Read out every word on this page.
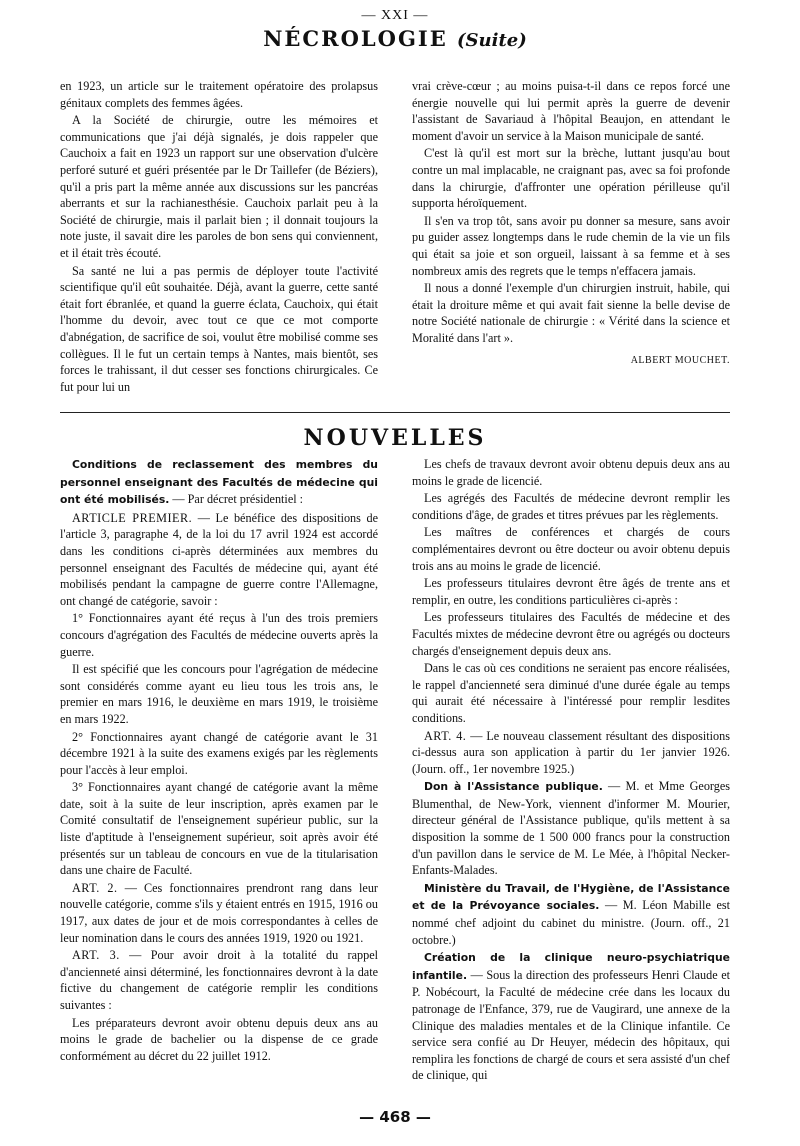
— XXI —
NÉCROLOGIE (Suite)

en 1923, un article sur le traitement opératoire des prolapsus génitaux complets des femmes âgées.

A la Société de chirurgie, outre les mémoires et communications que j'ai déjà signalés, je dois rappeler que Cauchoix a fait en 1923 un rapport sur une observation d'ulcère perforé suturé et guéri présentée par le Dr Taillefer (de Béziers), qu'il a pris part la même année aux discussions sur les pancréas aberrants et sur la rachianesthésie. Cauchoix parlait peu à la Société de chirurgie, mais il parlait bien ; il donnait toujours la note juste, il savait dire les paroles de bon sens qui conviennent, et il était très écouté.

Sa santé ne lui a pas permis de déployer toute l'activité scientifique qu'il eût souhaitée. Déjà, avant la guerre, cette santé était fort ébranlée, et quand la guerre éclata, Cauchoix, qui était l'homme du devoir, avec tout ce que ce mot comporte d'abnégation, de sacrifice de soi, voulut être mobilisé comme ses collègues. Il le fut un certain temps à Nantes, mais bientôt, ses forces le trahissant, il dut cesser ses fonctions chirurgicales. Ce fut pour lui un

vrai crève-cœur ; au moins puisa-t-il dans ce repos forcé une énergie nouvelle qui lui permit après la guerre de devenir l'assistant de Savariaud à l'hôpital Beaujon, en attendant le moment d'avoir un service à la Maison municipale de santé.

C'est là qu'il est mort sur la brèche, luttant jusqu'au bout contre un mal implacable, ne craignant pas, avec sa foi profonde dans la chirurgie, d'affronter une opération périlleuse qu'il supporta héroïquement.

Il s'en va trop tôt, sans avoir pu donner sa mesure, sans avoir pu guider assez longtemps dans le rude chemin de la vie un fils qui était sa joie et son orgueil, laissant à sa femme et à ses nombreux amis des regrets que le temps n'effacera jamais.

Il nous a donné l'exemple d'un chirurgien instruit, habile, qui était la droiture même et qui avait fait sienne la belle devise de notre Société nationale de chirurgie : « Vérité dans la science et Moralité dans l'art ».

ALBERT MOUCHET.

NOUVELLES

Conditions de reclassement des membres du personnel enseignant des Facultés de médecine qui ont été mobilisés. — Par décret présidentiel :

ARTICLE PREMIER. — Le bénéfice des dispositions de l'article 3, paragraphe 4, de la loi du 17 avril 1924 est accordé dans les conditions ci-après déterminées aux membres du personnel enseignant des Facultés de médecine qui, ayant été mobilisés pendant la campagne de guerre contre l'Allemagne, ont changé de catégorie, savoir :

1° Fonctionnaires ayant été reçus à l'un des trois premiers concours d'agrégation des Facultés de médecine ouverts après la guerre.

Il est spécifié que les concours pour l'agrégation de médecine sont considérés comme ayant eu lieu tous les trois ans, le premier en mars 1916, le deuxième en mars 1919, le troisième en mars 1922.

2° Fonctionnaires ayant changé de catégorie avant le 31 décembre 1921 à la suite des examens exigés par les règlements pour l'accès à leur emploi.

3° Fonctionnaires ayant changé de catégorie avant la même date, soit à la suite de leur inscription, après examen par le Comité consultatif de l'enseignement supérieur public, sur la liste d'aptitude à l'enseignement supérieur, soit après avoir été présentés sur un tableau de concours en vue de la titularisation dans une chaire de Faculté.

ART. 2. — Ces fonctionnaires prendront rang dans leur nouvelle catégorie, comme s'ils y étaient entrés en 1915, 1916 ou 1917, aux dates de jour et de mois correspondantes à celles de leur nomination dans le cours des années 1919, 1920 ou 1921.

ART. 3. — Pour avoir droit à la totalité du rappel d'ancienneté ainsi déterminé, les fonctionnaires devront à la date fictive du changement de catégorie remplir les conditions suivantes :

Les préparateurs devront avoir obtenu depuis deux ans au moins le grade de bachelier ou la dispense de ce grade conformément au décret du 22 juillet 1912.

Les chefs de travaux devront avoir obtenu depuis deux ans au moins le grade de licencié.

Les agrégés des Facultés de médecine devront remplir les conditions d'âge, de grades et titres prévues par les règlements.

Les maîtres de conférences et chargés de cours complémentaires devront ou être docteur ou avoir obtenu depuis trois ans au moins le grade de licencié.

Les professeurs titulaires devront être âgés de trente ans et remplir, en outre, les conditions particulières ci-après :

Les professeurs titulaires des Facultés de médecine et des Facultés mixtes de médecine devront être ou agrégés ou docteurs chargés d'enseignement depuis deux ans.

Dans le cas où ces conditions ne seraient pas encore réalisées, le rappel d'ancienneté sera diminué d'une durée égale au temps qui aurait été nécessaire à l'intéressé pour remplir lesdites conditions.

ART. 4. — Le nouveau classement résultant des dispositions ci-dessus aura son application à partir du 1er janvier 1926. (Journ. off., 1er novembre 1925.)

Don à l'Assistance publique. — M. et Mme Georges Blumenthal, de New-York, viennent d'informer M. Mourier, directeur général de l'Assistance publique, qu'ils mettent à sa disposition la somme de 1 500 000 francs pour la construction d'un pavillon dans le service de M. Le Mée, à l'hôpital Necker-Enfants-Malades.

Ministère du Travail, de l'Hygiène, de l'Assistance et de la Prévoyance sociales. — M. Léon Mabille est nommé chef adjoint du cabinet du ministre. (Journ. off., 21 octobre.)

Création de la clinique neuro-psychiatrique infantile. — Sous la direction des professeurs Henri Claude et P. Nobécourt, la Faculté de médecine crée dans les locaux du patronage de l'Enfance, 379, rue de Vaugirard, une annexe de la Clinique des maladies mentales et de la Clinique infantile. Ce service sera confié au Dr Heuyer, médecin des hôpitaux, qui remplira les fonctions de chargé de cours et sera assisté d'un chef de clinique, qui

— 468 —
